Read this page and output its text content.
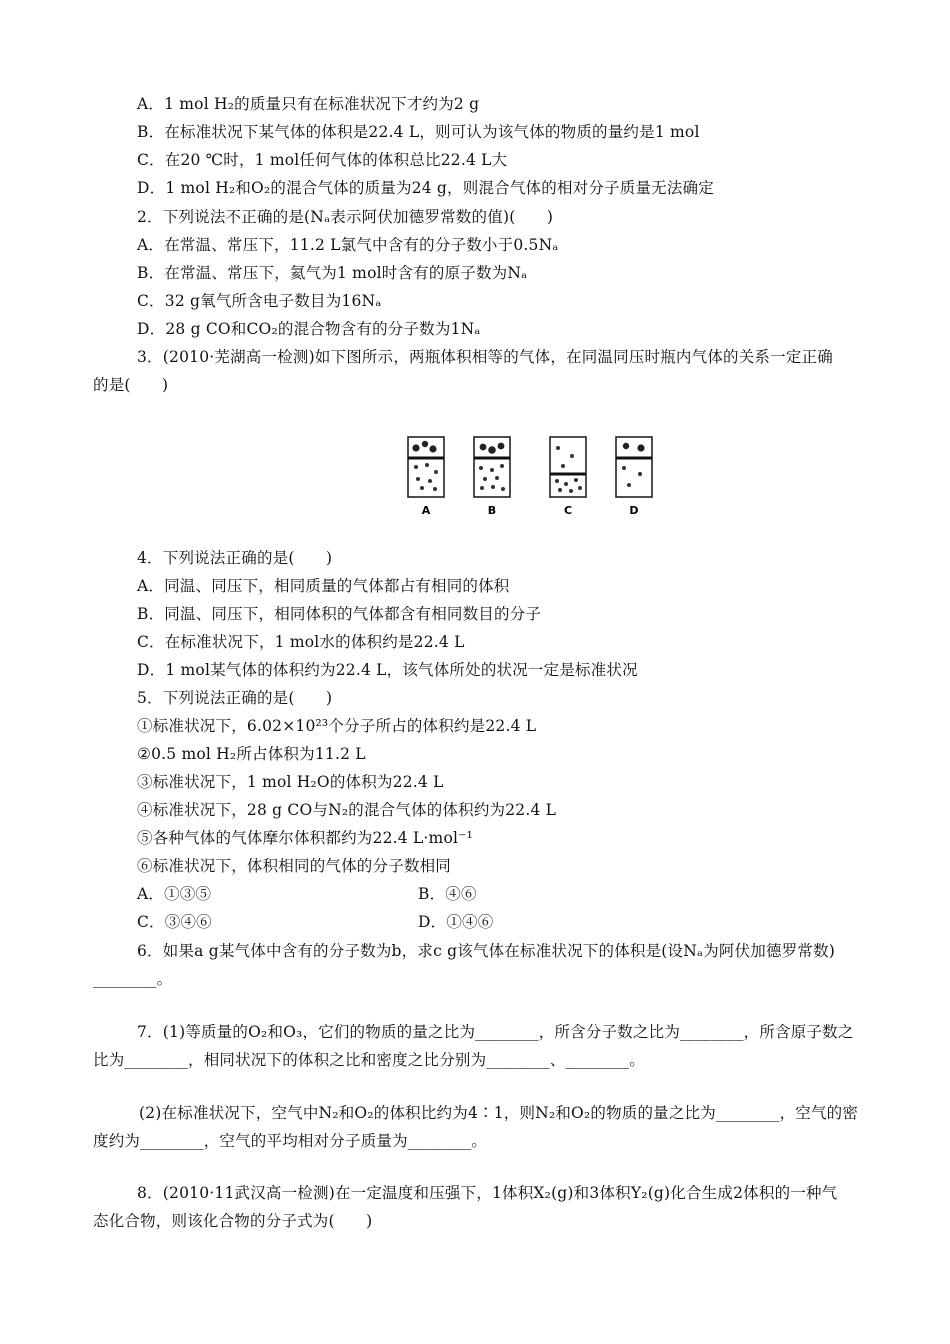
A．1 mol H₂的质量只有在标准状况下才约为2 g
B．在标准状况下某气体的体积是22.4 L，则可认为该气体的物质的量约是1 mol
C．在20 ℃时，1 mol任何气体的体积总比22.4 L大
D．1 mol H₂和O₂的混合气体的质量为24 g，则混合气体的相对分子质量无法确定
2．下列说法不正确的是(Nₐ表示阿伏加德罗常数的值)(　　)
A．在常温、常压下，11.2 L氯气中含有的分子数小于0.5Nₐ
B．在常温、常压下，氦气为1 mol时含有的原子数为Nₐ
C．32 g氧气所含电子数目为16Nₐ
D．28 g CO和CO₂的混合物含有的分子数为1Nₐ
3．(2010·芜湖高一检测)如下图所示，两瓶体积相等的气体，在同温同压时瓶内气体的关系一定正确
的是(　　)
A	B	C	D
4．下列说法正确的是(　　)
A．同温、同压下，相同质量的气体都占有相同的体积
B．同温、同压下，相同体积的气体都含有相同数目的分子
C．在标准状况下，1 mol水的体积约是22.4 L
D．1 mol某气体的体积约为22.4 L，该气体所处的状况一定是标准状况
5．下列说法正确的是(　　)
①标准状况下，6.02×10²³个分子所占的体积约是22.4 L
②0.5 mol H₂所占体积为11.2 L
③标准状况下，1 mol H₂O的体积为22.4 L
④标准状况下，28 g CO与N₂的混合气体的体积约为22.4 L
⑤各种气体的气体摩尔体积都约为22.4 L·mol⁻¹
⑥标准状况下，体积相同的气体的分子数相同
A．①③⑤	B．④⑥
C．③④⑥	D．①④⑥
6．如果a g某气体中含有的分子数为b，求c g该气体在标准状况下的体积是(设Nₐ为阿伏加德罗常数)
________。
7．(1)等质量的O₂和O₃，它们的物质的量之比为________，所含分子数之比为________，所含原子数之
比为________，相同状况下的体积之比和密度之比分别为________、________。
(2)在标准状况下，空气中N₂和O₂的体积比约为4∶1，则N₂和O₂的物质的量之比为________，空气的密
度约为________，空气的平均相对分子质量为________。
8．(2010·11武汉高一检测)在一定温度和压强下，1体积X₂(g)和3体积Y₂(g)化合生成2体积的一种气
态化合物，则该化合物的分子式为(　　)
